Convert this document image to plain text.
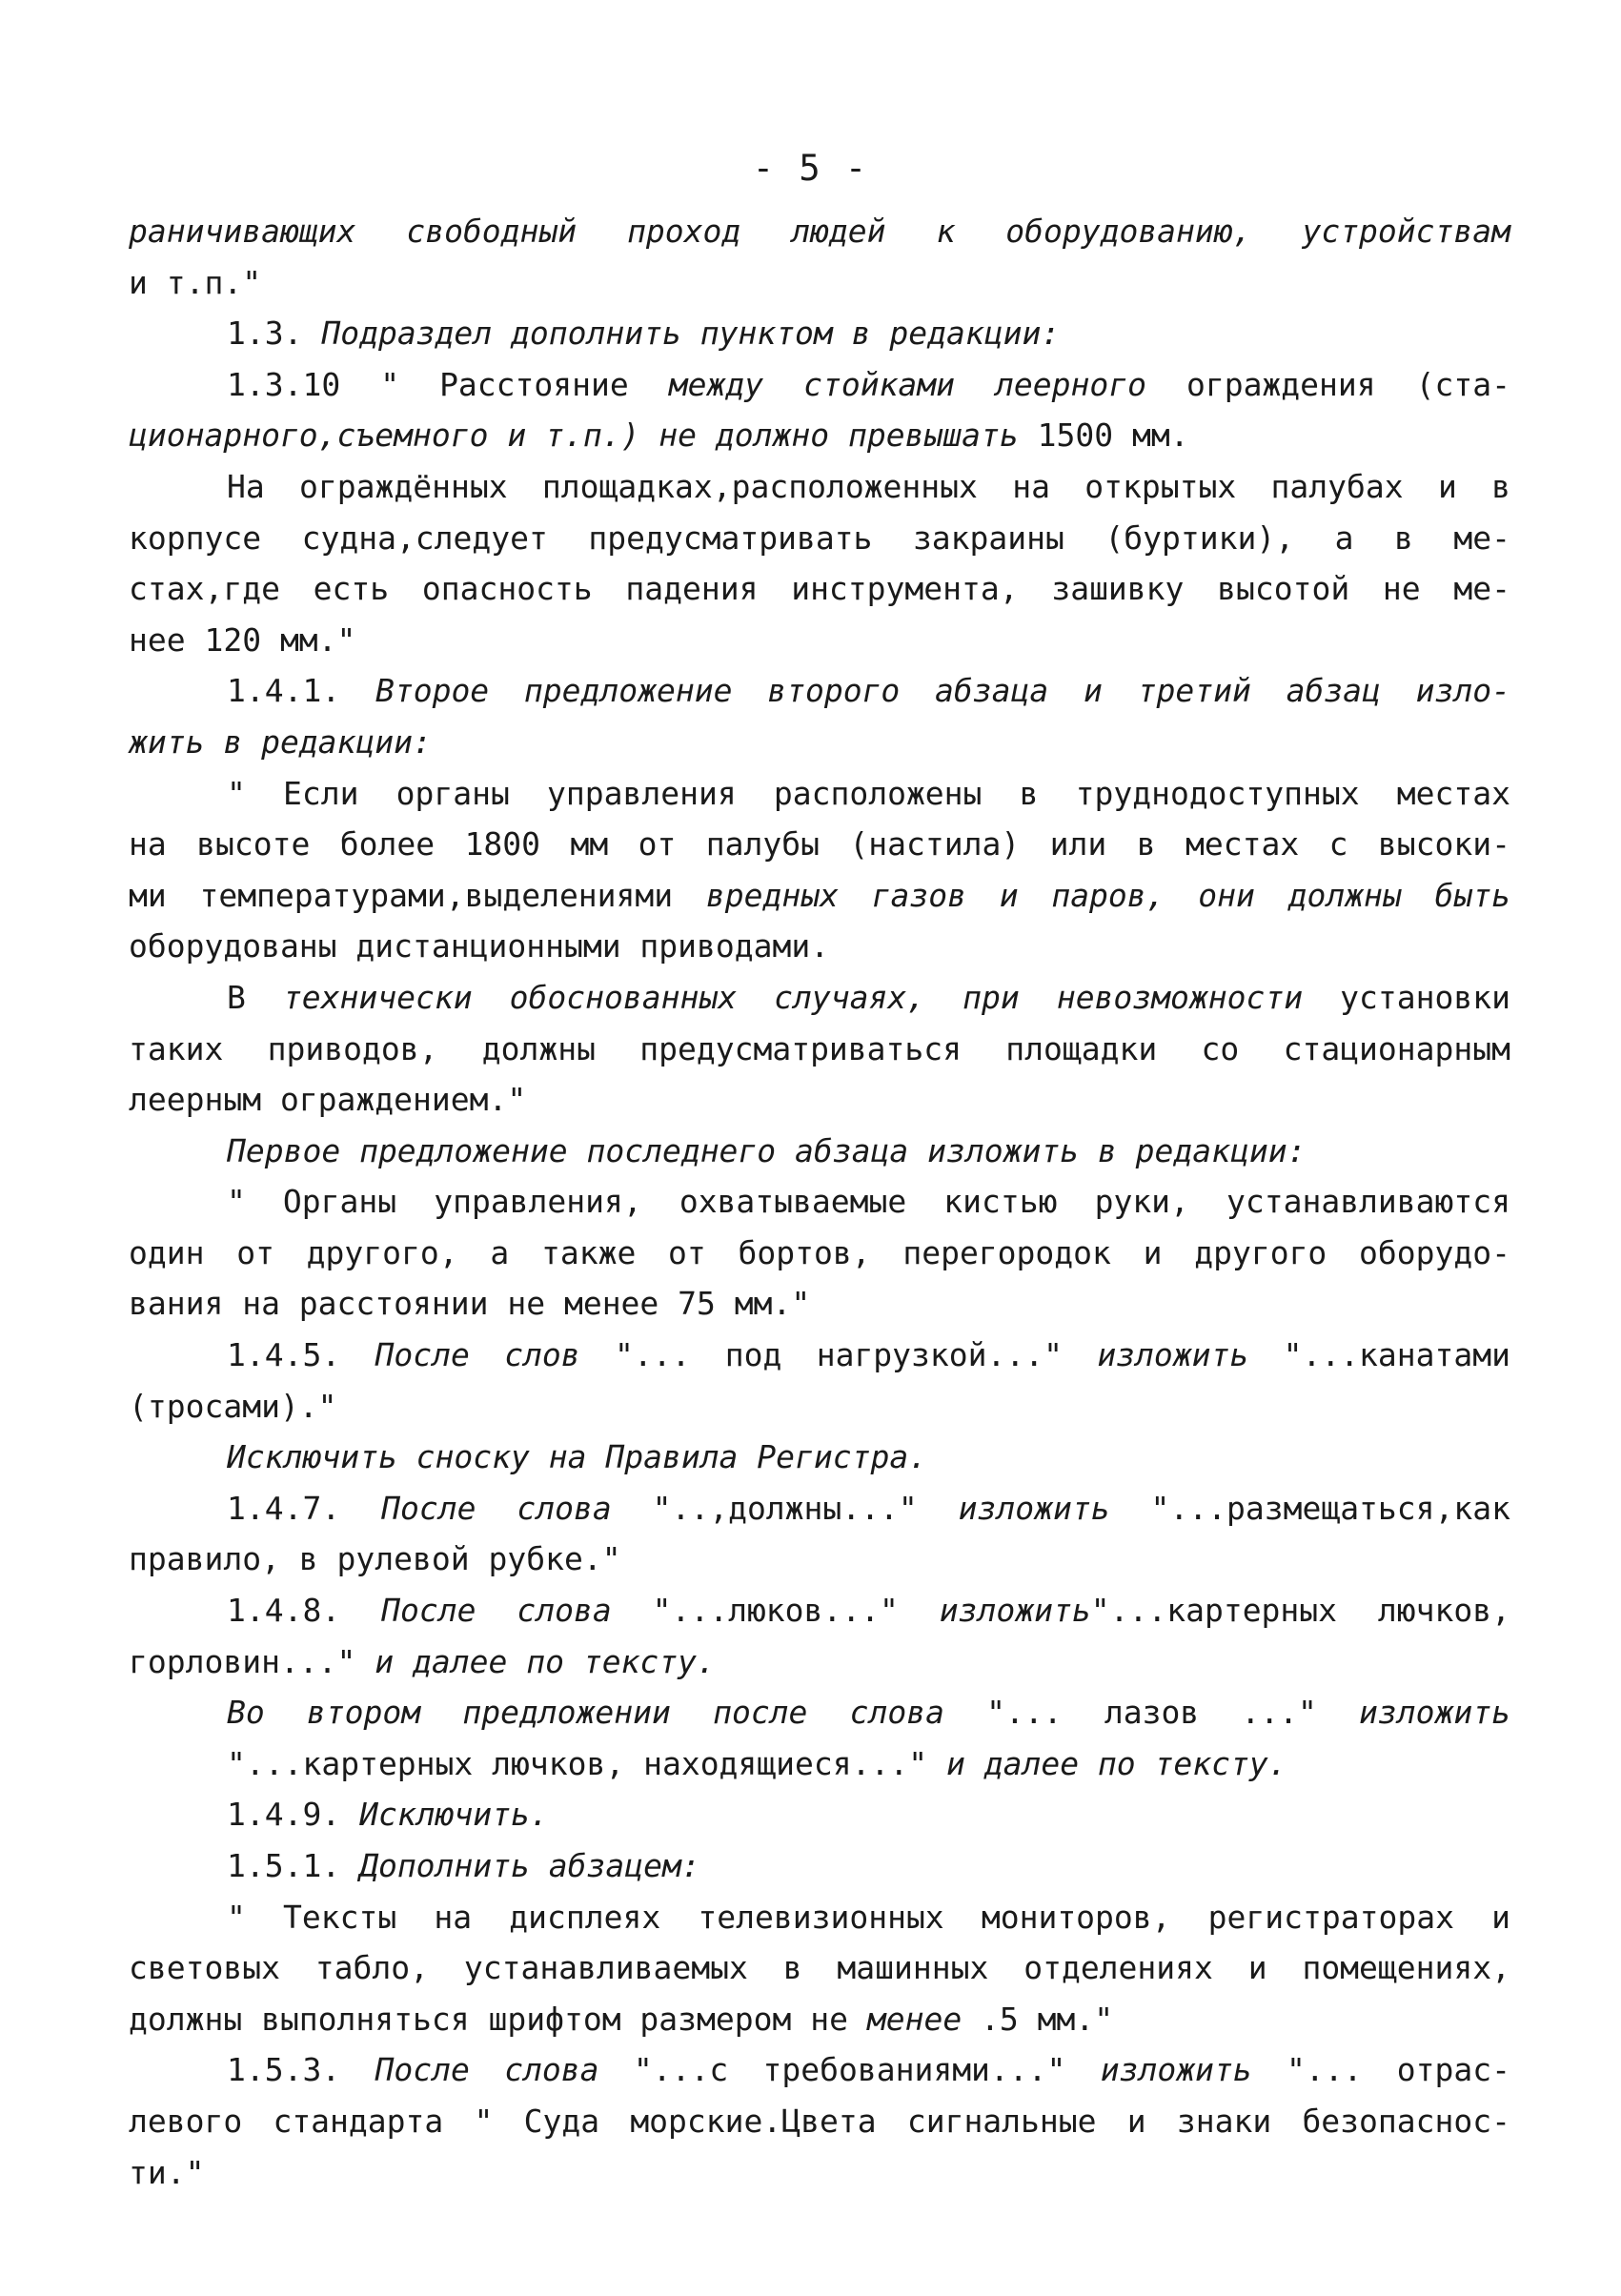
- 5 -
раничивающих свободный проход людей к оборудованию, устройствам
и т.п."
1.3. Подраздел дополнить пунктом в редакции:
1.3.10 " Расстояние между стойками леерного ограждения (ста-
ционарного,съемного и т.п.) не должно превышать 1500 мм.
На ограждённых площадках,расположенных на открытых палубах и в
корпусе судна,следует предусматривать закраины (буртики), а в ме-
стах,где есть опасность падения инструмента, зашивку высотой не ме-
нее 120 мм."
1.4.1. Второе предложение второго абзаца и третий абзац изло-
жить в редакции:
" Если органы управления расположены в труднодоступных местах
на высоте более 1800 мм от палубы (настила) или в местах с высоки-
ми температурами,выделениями вредных газов и паров, они должны быть
оборудованы дистанционными приводами.
В технически обоснованных случаях, при невозможности установки
таких приводов, должны предусматриваться площадки со стационарным
леерным ограждением."
Первое предложение последнего абзаца изложить в редакции:
" Органы управления, охватываемые кистью руки, устанавливаются
один от другого, а также от бортов, перегородок и другого оборудо-
вания на расстоянии не менее 75 мм."
1.4.5. После слов "... под нагрузкой..." изложить "...канатами
(тросами)."
Исключить сноску на Правила Регистра.
1.4.7. После слова "..,должны..." изложить "...размещаться,как
правило, в рулевой рубке."
1.4.8. После слова "...люков..." изложить"...картерных лючков,
горловин..." и далее по тексту.
Во втором предложении после слова "... лазов ..." изложить
"...картерных лючков, находящиеся..." и далее по тексту.
1.4.9. Исключить.
1.5.1. Дополнить абзацем:
" Тексты на дисплеях телевизионных мониторов, регистраторах и
световых табло, устанавливаемых в машинных отделениях и помещениях,
должны выполняться шрифтом размером не менее .5 мм."
1.5.3. После слова "...с требованиями..." изложить "... отрас-
левого стандарта " Суда морские.Цвета сигнальные и знаки безопаснос-
ти."
